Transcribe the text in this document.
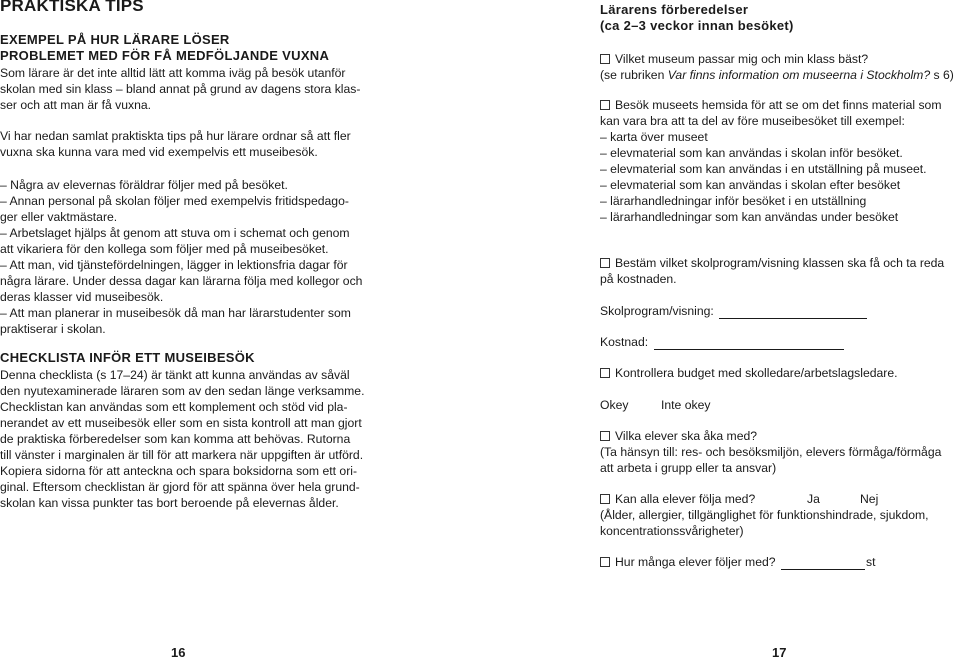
PRAKTISKA TIPS
EXEMPEL PÅ HUR LÄRARE LÖSER
PROBLEMET MED FÖR FÅ MEDFÖLJANDE VUXNA

Som lärare är det inte alltid lätt att komma iväg på besök utanför

skolan med sin klass – bland annat på grund av dagens stora klas-

ser och att man är få vuxna.

Vi har nedan samlat praktiskta tips på hur lärare ordnar så att fler

vuxna ska kunna vara med vid exempelvis ett museibesök.

– Några av elevernas föräldrar följer med på besöket.

– Annan personal på skolan följer med exempelvis fritidspedago-

ger eller vaktmästare.

– Arbetslaget hjälps åt genom att stuva om i schemat och genom

att vikariera för den kollega som följer med på museibesöket.

– Att man, vid tjänstefördelningen, lägger in lektionsfria dagar för

några lärare. Under dessa dagar kan lärarna följa med kollegor och

deras klasser vid museibesök.

– Att man planerar in museibesök då man har lärarstudenter som

praktiserar i skolan.

CHECKLISTA INFÖR ETT MUSEIBESÖK

Denna checklista (s 17–24) är tänkt att kunna användas av såväl

den nyutexaminerade läraren som av den sedan länge verksamme.

Checklistan kan användas som ett komplement och stöd vid pla-

nerandet av ett museibesök eller som en sista kontroll att man gjort

de praktiska förberedelser som kan komma att behövas. Rutorna

till vänster i marginalen är till för att markera när uppgiften är utförd.

Kopiera sidorna för att anteckna och spara boksidorna som ett ori-

ginal. Eftersom checklistan är gjord för att spänna över hela grund-

skolan kan vissa punkter tas bort beroende på elevernas ålder.

16
Lärarens förberedelser
(ca 2–3 veckor innan besöket)

Vilket museum passar mig och min klass bäst?

(se rubriken Var finns information om museerna i Stockholm? s 6)

Besök museets hemsida för att se om det finns material som

kan vara bra att ta del av före museibesöket till exempel:

– karta över museet

– elevmaterial som kan användas i skolan inför besöket.

– elevmaterial som kan användas i en utställning på museet.

– elevmaterial som kan användas i skolan efter besöket

– lärarhandledningar inför besöket i en utställning

– lärarhandledningar som kan användas under besöket

Bestäm vilket skolprogram/visning klassen ska få och ta reda

på kostnaden.

Skolprogram/visning:

Kostnad:

Kontrollera budget med skolledare/arbetslagsledare.

Okey	Inte okey

Vilka elever ska åka med?

(Ta hänsyn till: res- och besöksmiljön, elevers förmåga/förmåga

att arbeta i grupp eller ta ansvar)

Kan alla elever följa med?	Ja	Nej

(Ålder, allergier, tillgänglighet för funktionshindrade, sjukdom,

koncentrationssvårigheter)

Hur många elever följer med?	st

17
